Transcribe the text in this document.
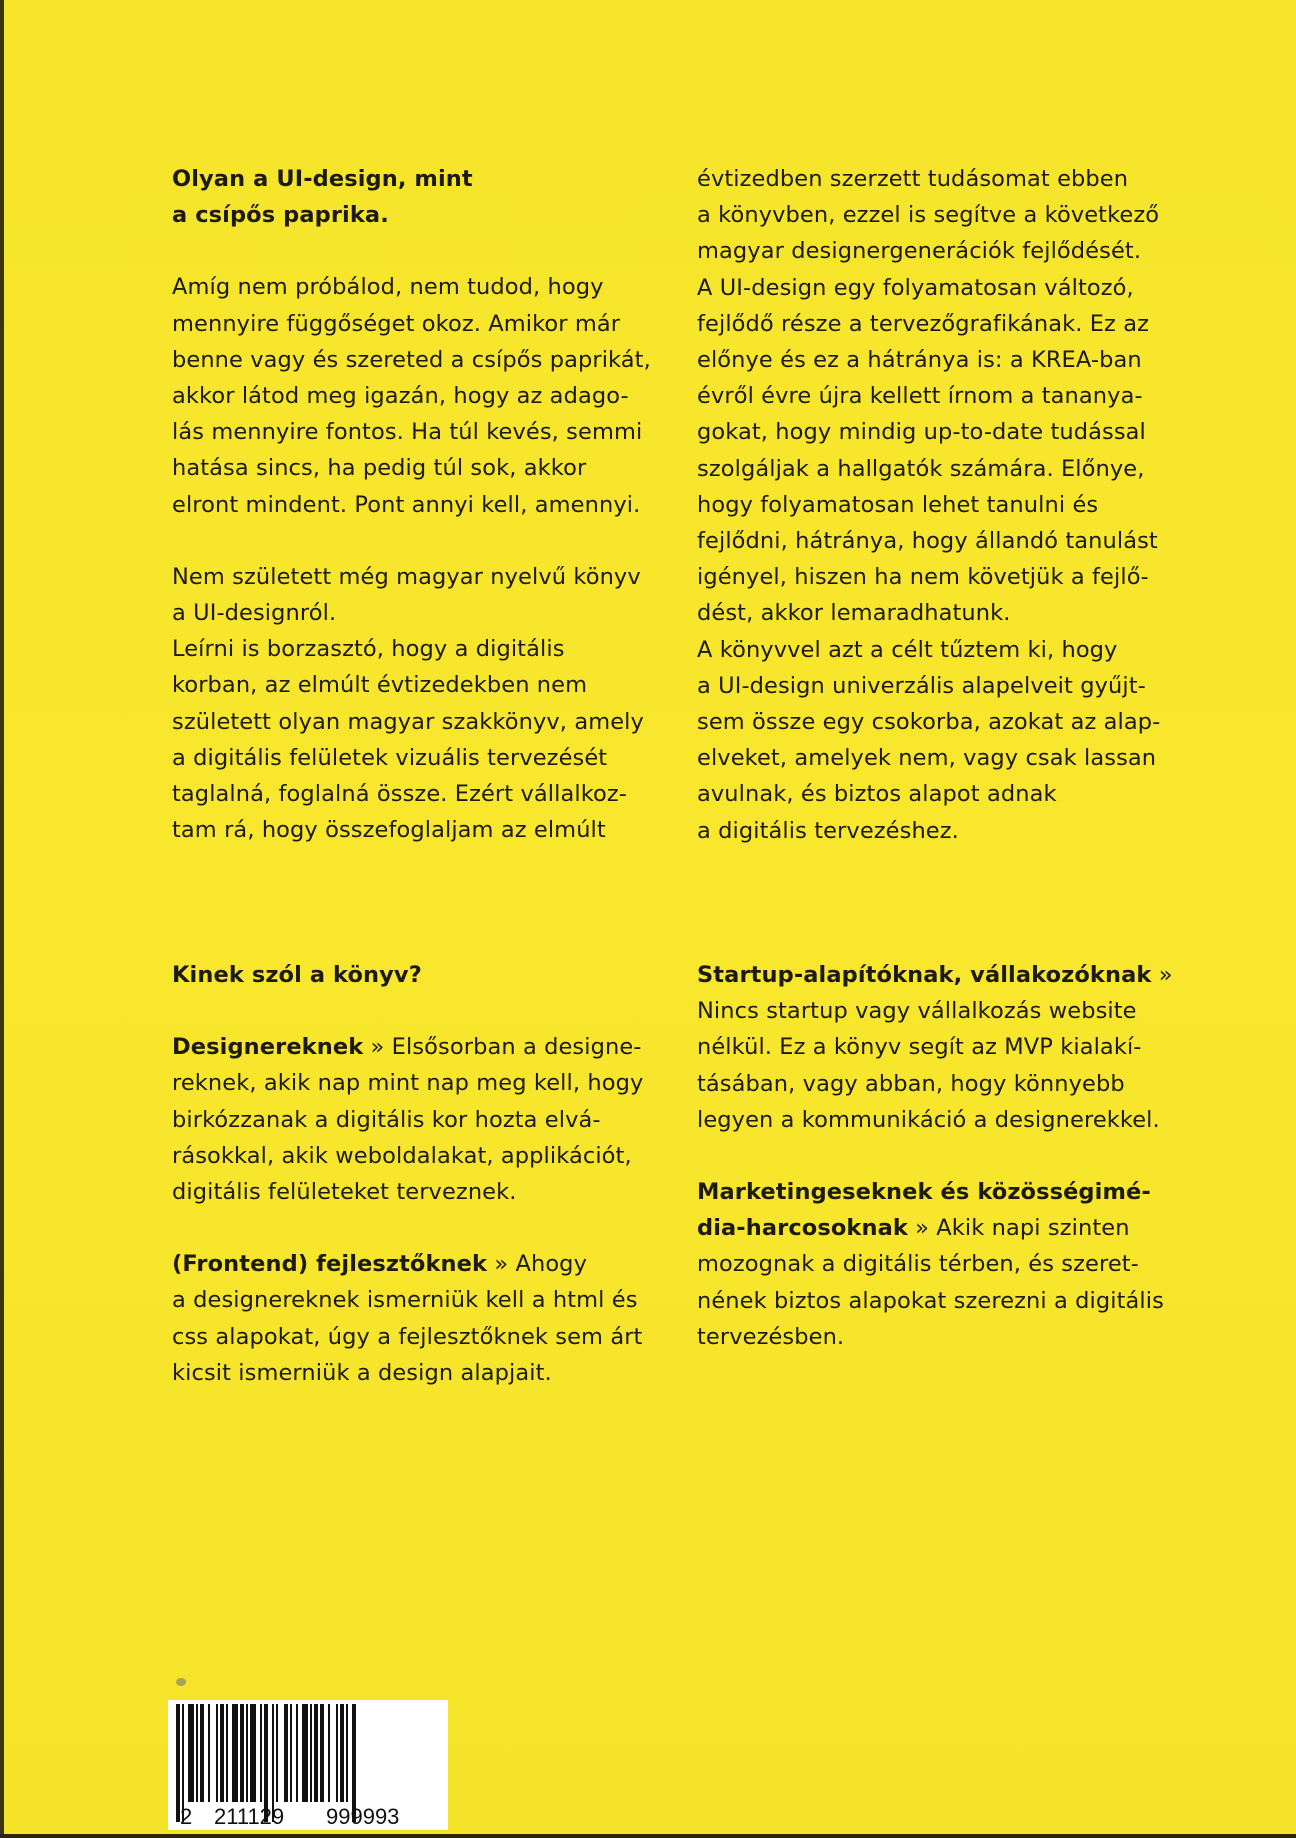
Olyan a UI-design, mint
a csípős paprika.

Amíg nem próbálod, nem tudod, hogy
mennyire függőséget okoz. Amikor már
benne vagy és szereted a csípős paprikát,
akkor látod meg igazán, hogy az adago-
lás mennyire fontos. Ha túl kevés, semmi
hatása sincs, ha pedig túl sok, akkor
elront mindent. Pont annyi kell, amennyi.

Nem született még magyar nyelvű könyv
a UI-designról.
Leírni is borzasztó, hogy a digitális
korban, az elmúlt évtizedekben nem
született olyan magyar szakkönyv, amely
a digitális felületek vizuális tervezését
taglalná, foglalná össze. Ezért vállalkoz-
tam rá, hogy összefoglaljam az elmúlt

évtizedben szerzett tudásomat ebben
a könyvben, ezzel is segítve a következő
magyar designergenerációk fejlődését.
A UI-design egy folyamatosan változó,
fejlődő része a tervezőgrafikának. Ez az
előnye és ez a hátránya is: a KREA-ban
évről évre újra kellett írnom a tananya-
gokat, hogy mindig up-to-date tudással
szolgáljak a hallgatók számára. Előnye,
hogy folyamatosan lehet tanulni és
fejlődni, hátránya, hogy állandó tanulást
igényel, hiszen ha nem követjük a fejlő-
dést, akkor lemaradhatunk.
A könyvvel azt a célt tűztem ki, hogy
a UI-design univerzális alapelveit gyűjt-
sem össze egy csokorba, azokat az alap-
elveket, amelyek nem, vagy csak lassan
avulnak, és biztos alapot adnak
a digitális tervezéshez.

Kinek szól a könyv?

Designereknek » Elsősorban a designe-
reknek, akik nap mint nap meg kell, hogy
birkózzanak a digitális kor hozta elvá-
rásokkal, akik weboldalakat, applikációt,
digitális felületeket terveznek.

(Frontend) fejlesztőknek » Ahogy
a designereknek ismerniük kell a html és
css alapokat, úgy a fejlesztőknek sem árt
kicsit ismerniük a design alapjait.

Startup-alapítóknak, vállakozóknak »
Nincs startup vagy vállalkozás website
nélkül. Ez a könyv segít az MVP kialakí-
tásában, vagy abban, hogy könnyebb
legyen a kommunikáció a designerekkel.

Marketingeseknek és közösségimé-
dia-harcosoknak » Akik napi szinten
mozognak a digitális térben, és szeret-
nének biztos alapokat szerezni a digitális
tervezésben.

2 211129 999993
